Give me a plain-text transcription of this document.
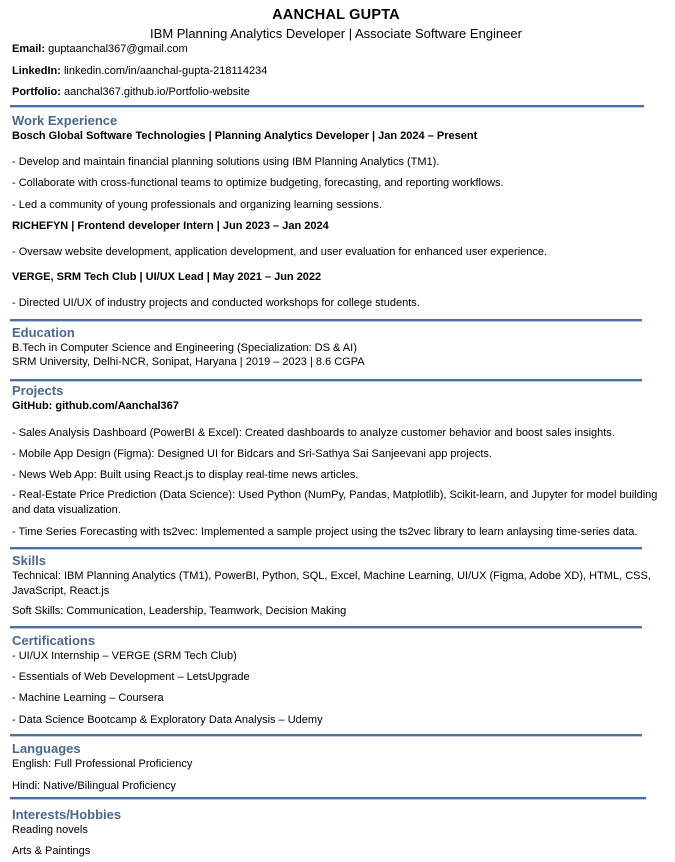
AANCHAL GUPTA
IBM Planning Analytics Developer | Associate Software Engineer
Email: guptaanchal367@gmail.com
LinkedIn: linkedin.com/in/aanchal-gupta-218114234
Portfolio: aanchal367.github.io/Portfolio-website
Work Experience
Bosch Global Software Technologies | Planning Analytics Developer | Jan 2024 – Present
- Develop and maintain financial planning solutions using IBM Planning Analytics (TM1).
- Collaborate with cross-functional teams to optimize budgeting, forecasting, and reporting workflows.
- Led a community of young professionals and organizing learning sessions.
RICHEFYN | Frontend developer Intern | Jun 2023 – Jan 2024
- Oversaw website development, application development, and user evaluation for enhanced user experience.
VERGE, SRM Tech Club | UI/UX Lead | May 2021 – Jun 2022
- Directed UI/UX of industry projects and conducted workshops for college students.
Education
B.Tech in Computer Science and Engineering (Specialization: DS & AI)
SRM University, Delhi-NCR, Sonipat, Haryana | 2019 – 2023 | 8.6 CGPA
Projects
GitHub: github.com/Aanchal367
- Sales Analysis Dashboard (PowerBI & Excel): Created dashboards to analyze customer behavior and boost sales insights.
- Mobile App Design (Figma): Designed UI for Bidcars and Sri-Sathya Sai Sanjeevani app projects.
- News Web App: Built using React.js to display real-time news articles.
- Real-Estate Price Prediction (Data Science): Used Python (NumPy, Pandas, Matplotlib), Scikit-learn, and Jupyter for model building and data visualization.
- Time Series Forecasting with ts2vec: Implemented a sample project using the ts2vec library to learn anlaysing time-series data.
Skills
Technical: IBM Planning Analytics (TM1), PowerBI, Python, SQL, Excel, Machine Learning, UI/UX (Figma, Adobe XD), HTML, CSS, JavaScript, React.js
Soft Skills: Communication, Leadership, Teamwork, Decision Making
Certifications
- UI/UX Internship – VERGE (SRM Tech Club)
- Essentials of Web Development – LetsUpgrade
- Machine Learning – Coursera
- Data Science Bootcamp & Exploratory Data Analysis – Udemy
Languages
English: Full Professional Proficiency
Hindi: Native/Bilingual Proficiency
Interests/Hobbies
Reading novels
Arts & Paintings
